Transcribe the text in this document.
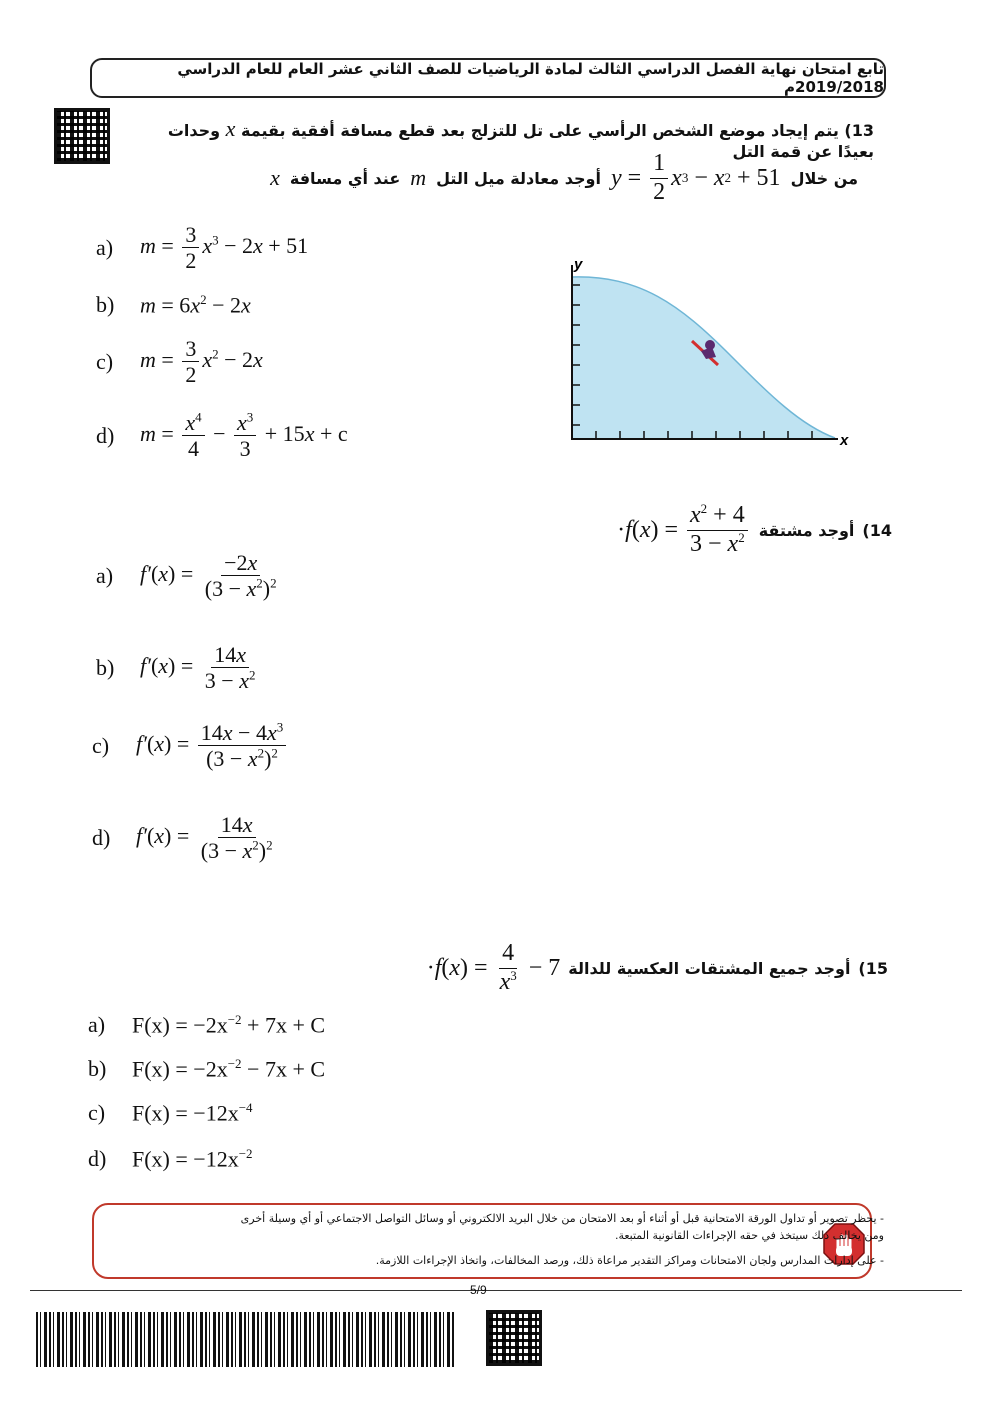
تابع امتحان نهاية الفصل الدراسي الثالث لمادة الرياضيات للصف الثاني عشر العام للعام الدراسي 2019/2018م
13) يتم إيجاد موضع الشخص الرأسي على تل للتزلج بعد قطع مسافة أفقية بقيمة x وحدات بعيدًا عن قمة التل
من خلال
$y = \frac{1}{2}$ x 3 − x 2 + 51
أوجد معادلة ميل التل
m
عند أي مسافة
x
a)	$m = \frac{3}{2} x^3 - 2x + 51$
b)	$m = 6x^2 - 2x$
c)	$m = \frac{3}{2} x^2 - 2x$
d)	$m = \frac{x^4}{4} - \frac{x^3}{3} + 15x + c$
y
x
14)
أوجد مشتقة
· f ( x ) = $\frac{x^2 + 4}{3 - x^2}$
a)	$f'(x) = \frac{-2x}{(3 - x^2)^2}$
b)	$f'(x) = \frac{14x}{3 - x^2}$
c)	$f'(x) = \frac{14x - 4x^3}{(3 - x^2)^2}$
d)	$f'(x) = \frac{14x}{(3 - x^2)^2}$
15)
أوجد جميع المشتقات العكسية للدالة
· f ( x ) = $\frac{4}{x^3} - 7$
a)	$F(x) = -2x^{-2} + 7x + C$
b)	$F(x) = -2x^{-2} - 7x + C$
c)	$F(x) = -12x^{-4}$
d)	$F(x) = -12x^{-2}$
- يحظر تصوير أو تداول الورقة الامتحانية قبل أو أثناء أو بعد الامتحان من خلال البريد الالكتروني أو وسائل التواصل الاجتماعي أو أي وسيلة أخرى
ومن يخالف ذلك سيتخذ في حقه الإجراءات القانونية المتبعة.
- على إدارات المدارس ولجان الامتحانات ومراكز التقدير مراعاة ذلك، ورصد المخالفات، واتخاذ الإجراءات اللازمة.
5/9
